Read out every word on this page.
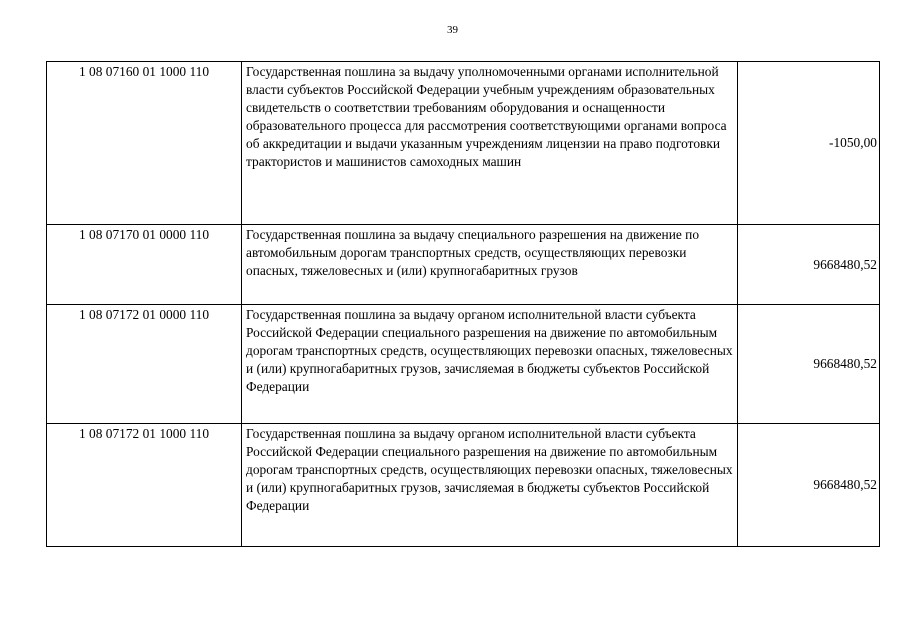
39
1 08 07160 01 1000 110	Государственная пошлина за выдачу уполномоченными органами исполнительной власти субъектов Российской Федерации учебным учреждениям образовательных свидетельств о соответствии требованиям оборудования и оснащенности образовательного процесса для рассмотрения соответствующими органами вопроса об аккредитации и выдачи указанным учреждениям лицензии на право подготовки трактористов и машинистов самоходных машин	-1050,00
1 08 07170 01 0000 110	Государственная пошлина за выдачу специального разрешения на движение по автомобильным дорогам транспортных средств, осуществляющих перевозки опасных, тяжеловесных и (или) крупногабаритных грузов	9668480,52
1 08 07172 01 0000 110	Государственная пошлина за выдачу органом исполнительной власти субъекта Российской Федерации специального разрешения на движение по автомобильным дорогам транспортных средств, осуществляющих перевозки опасных, тяжеловесных и (или) крупногабаритных грузов, зачисляемая в бюджеты субъектов Российской Федерации	9668480,52
1 08 07172 01 1000 110	Государственная пошлина за выдачу органом исполнительной власти субъекта Российской Федерации специального разрешения на движение по автомобильным дорогам транспортных средств, осуществляющих перевозки опасных, тяжеловесных и (или) крупногабаритных грузов, зачисляемая в бюджеты субъектов Российской Федерации	9668480,52
